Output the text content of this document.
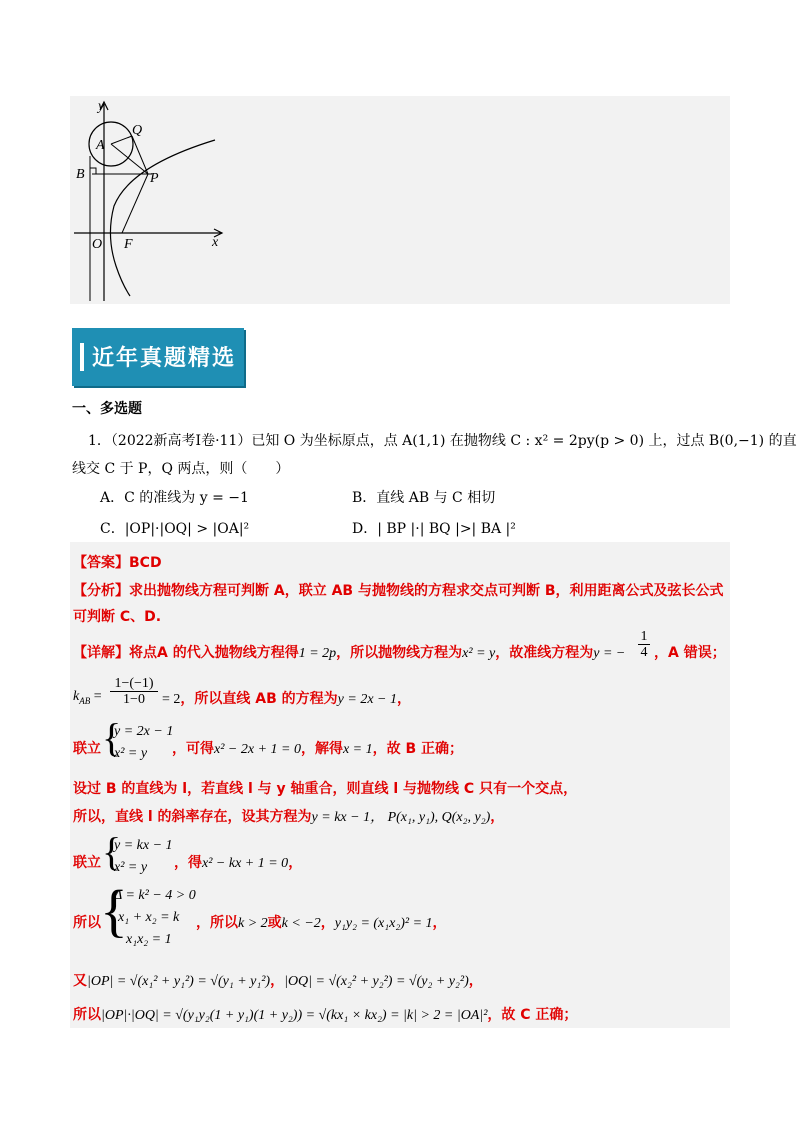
y
Q
A
B	P
O F	x
近年真题精选
一、多选题
1．（2022新高考Ⅰ卷·11）已知 O 为坐标原点，点 A(1,1) 在抛物线 C : x² = 2py(p > 0) 上，过点 B(0,−1) 的直
线交 C 于 P，Q 两点，则（　　）
A．C 的准线为 y = −1	B．直线 AB 与 C 相切
C．|OP|·|OQ| > |OA|²	D．| BP |·| BQ |>| BA |²
【答案】BCD
【分析】求出抛物线方程可判断 A，联立 AB 与抛物线的方程求交点可判断 B，利用距离公式及弦长公式
可判断 C、D.
【详解】将点A 的代入抛物线方程得1 = 2p，所以抛物线方程为x² = y，故准线方程为y = − $\frac{1}{4}$ ，A 错误；
$k_{AB} = \frac{1-(-1)}{1-0} = 2$，所以直线 AB 的方程为y = 2x − 1，
联立 {
y = 2x − 1
x² = y ，可得x² − 2x + 1 = 0，解得x = 1，故 B 正确；
设过 B 的直线为 l，若直线 l 与 y 轴重合，则直线 l 与抛物线 C 只有一个交点，
所以，直线 l 的斜率存在，设其方程为y = kx − 1， P(x₁, y₁), Q(x₂, y₂)，
联立 {
y = kx − 1
x² = y ，得x² − kx + 1 = 0，
所以 {
Δ = k² − 4 > 0
x₁ + x₂ = k
x₁x₂ = 1
，所以k > 2或k < −2，y₁y₂ = (x₁x₂)² = 1，
又|OP| = √(x₁² + y₁²) = √(y₁ + y₁²)，|OQ| = √(x₂² + y₂²) = √(y₂ + y₂²)，
所以|OP|·|OQ| = √(y₁y₂(1 + y₁)(1 + y₂)) = √(kx₁ × kx₂) = |k| > 2 = |OA|²，故 C 正确；
